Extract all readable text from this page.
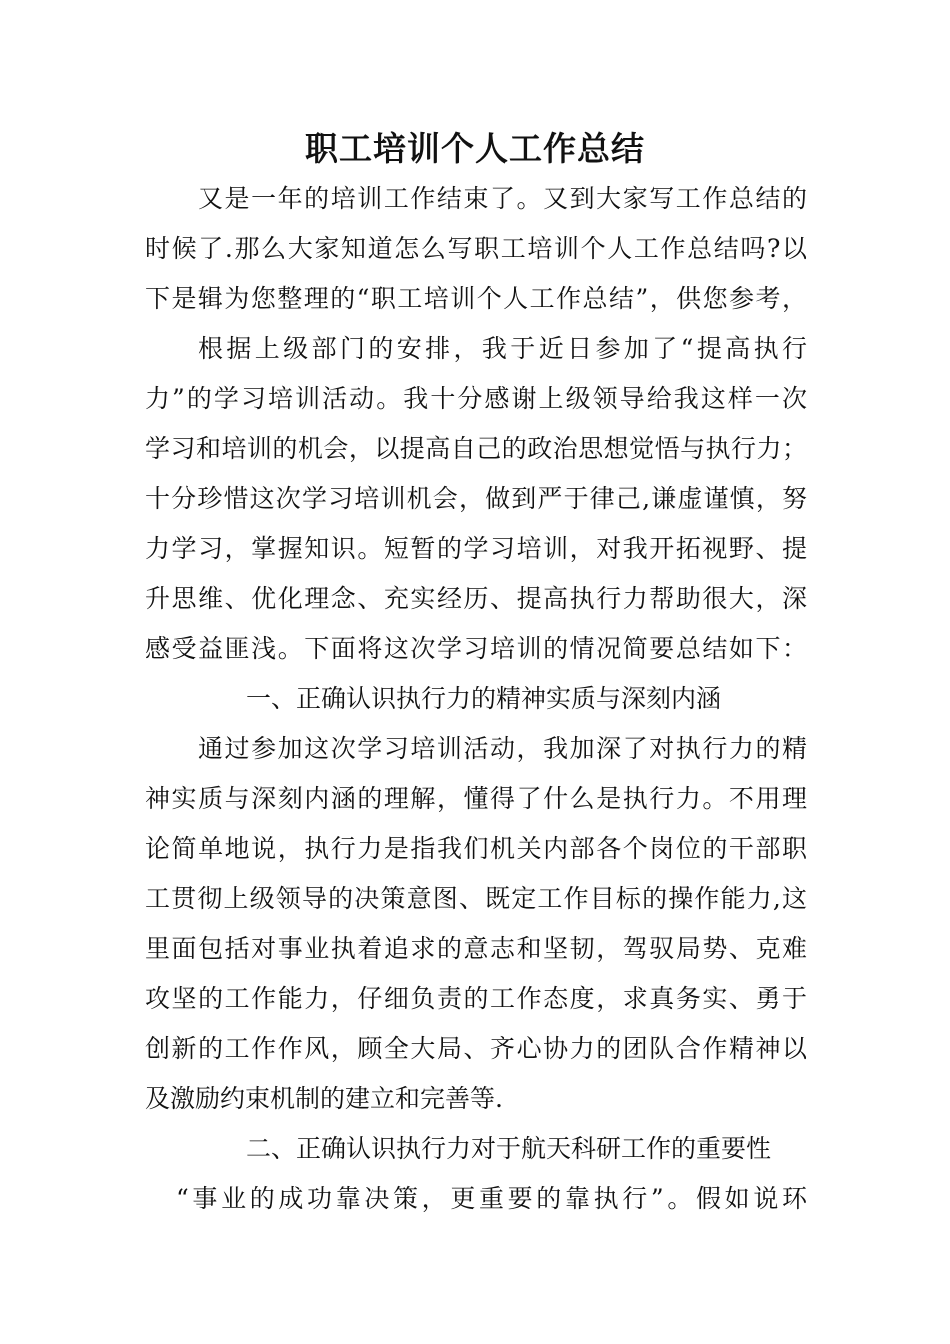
职工培训个人工作总结

又是一年的培训工作结束了。又到大家写工作总结的

时候了.那么大家知道怎么写职工培训个人工作总结吗?以

下是辑为您整理的“职工培训个人工作总结”，供您参考，

根据上级部门的安排，我于近日参加了“提高执行

力”的学习培训活动。我十分感谢上级领导给我这样一次

学习和培训的机会，以提高自己的政治思想觉悟与执行力；

十分珍惜这次学习培训机会，做到严于律己,谦虚谨慎，努

力学习，掌握知识。短暂的学习培训，对我开拓视野、提

升思维、优化理念、充实经历、提高执行力帮助很大，深

感受益匪浅。下面将这次学习培训的情况简要总结如下：

一、正确认识执行力的精神实质与深刻内涵

通过参加这次学习培训活动，我加深了对执行力的精

神实质与深刻内涵的理解，懂得了什么是执行力。不用理

论简单地说，执行力是指我们机关内部各个岗位的干部职

工贯彻上级领导的决策意图、既定工作目标的操作能力,这

里面包括对事业执着追求的意志和坚韧，驾驭局势、克难

攻坚的工作能力，仔细负责的工作态度，求真务实、勇于

创新的工作作风，顾全大局、齐心协力的团队合作精神以

及激励约束机制的建立和完善等.

二、正确认识执行力对于航天科研工作的重要性

“事业的成功靠决策，更重要的靠执行”。假如说环
